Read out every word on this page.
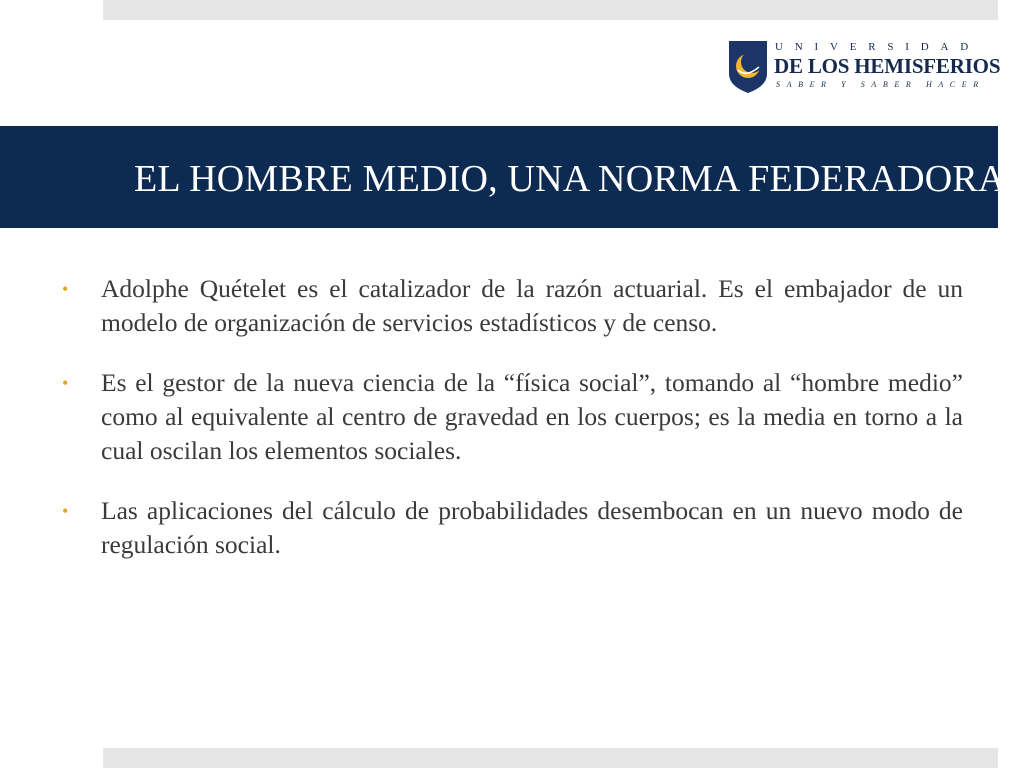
UNIVERSIDAD
DE LOS HEMISFERIOS
SABER Y SABER HACER
EL HOMBRE MEDIO, UNA NORMA FEDERADORA
• Adolphe Quételet es el catalizador de la razón actuarial. Es el embajador de un modelo de organización de servicios estadísticos y de censo.
• Es el gestor de la nueva ciencia de la “física social”, tomando al “hombre medio” como al equivalente al centro de gravedad en los cuerpos; es la media en torno a la cual oscilan los elementos sociales.
• Las aplicaciones del cálculo de probabilidades desembocan en un nuevo modo de regulación social.
